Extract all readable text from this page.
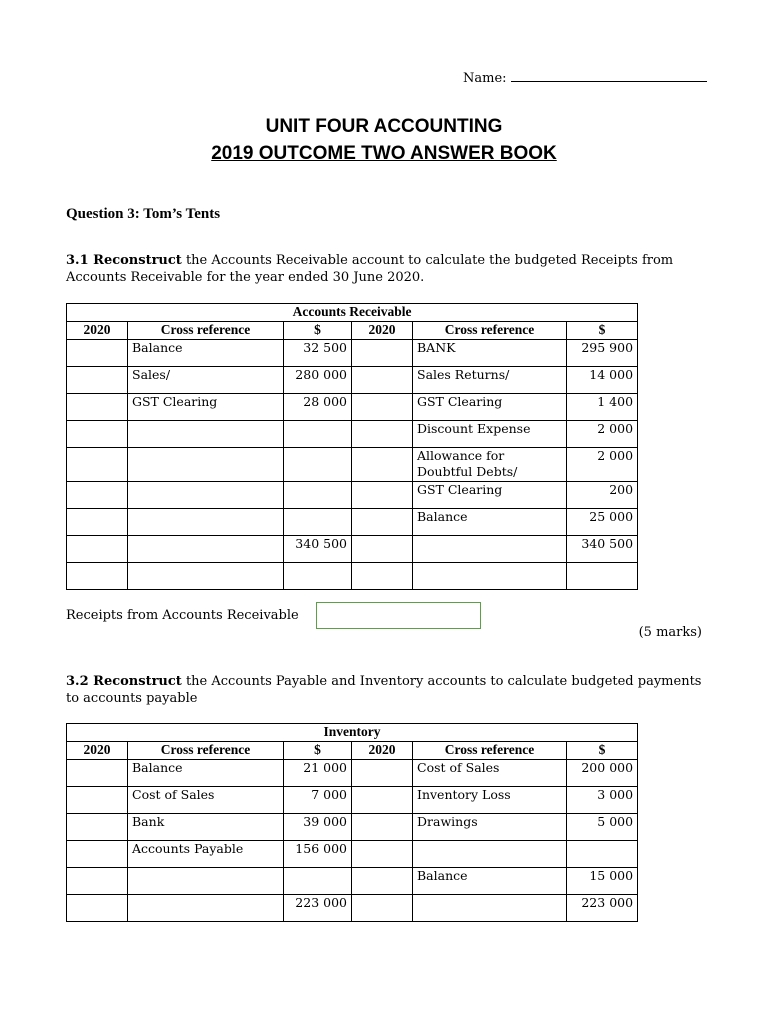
Name:
UNIT FOUR ACCOUNTING
2019 OUTCOME TWO ANSWER BOOK
Question 3: Tom’s Tents
3.1 Reconstruct the Accounts Receivable account to calculate the budgeted Receipts from Accounts Receivable for the year ended 30 June 2020.
Accounts Receivable					
2020	Cross reference	$	2020	Cross reference	$
	Balance	32 500		BANK	295 900
	Sales/	280 000		Sales Returns/	14 000
	GST Clearing	28 000		GST Clearing	1 400
				Discount Expense	2 000
				Allowance for Doubtful Debts/	2 000
				GST Clearing	200
				Balance	25 000
		340 500			340 500

Receipts from Accounts Receivable
(5 marks)
3.2 Reconstruct the Accounts Payable and Inventory accounts to calculate budgeted payments to accounts payable
Inventory					
2020	Cross reference	$	2020	Cross reference	$
	Balance	21 000		Cost of Sales	200 000
	Cost of Sales	7 000		Inventory Loss	3 000
	Bank	39 000		Drawings	5 000
	Accounts Payable	156 000			
				Balance	15 000
		223 000			223 000
